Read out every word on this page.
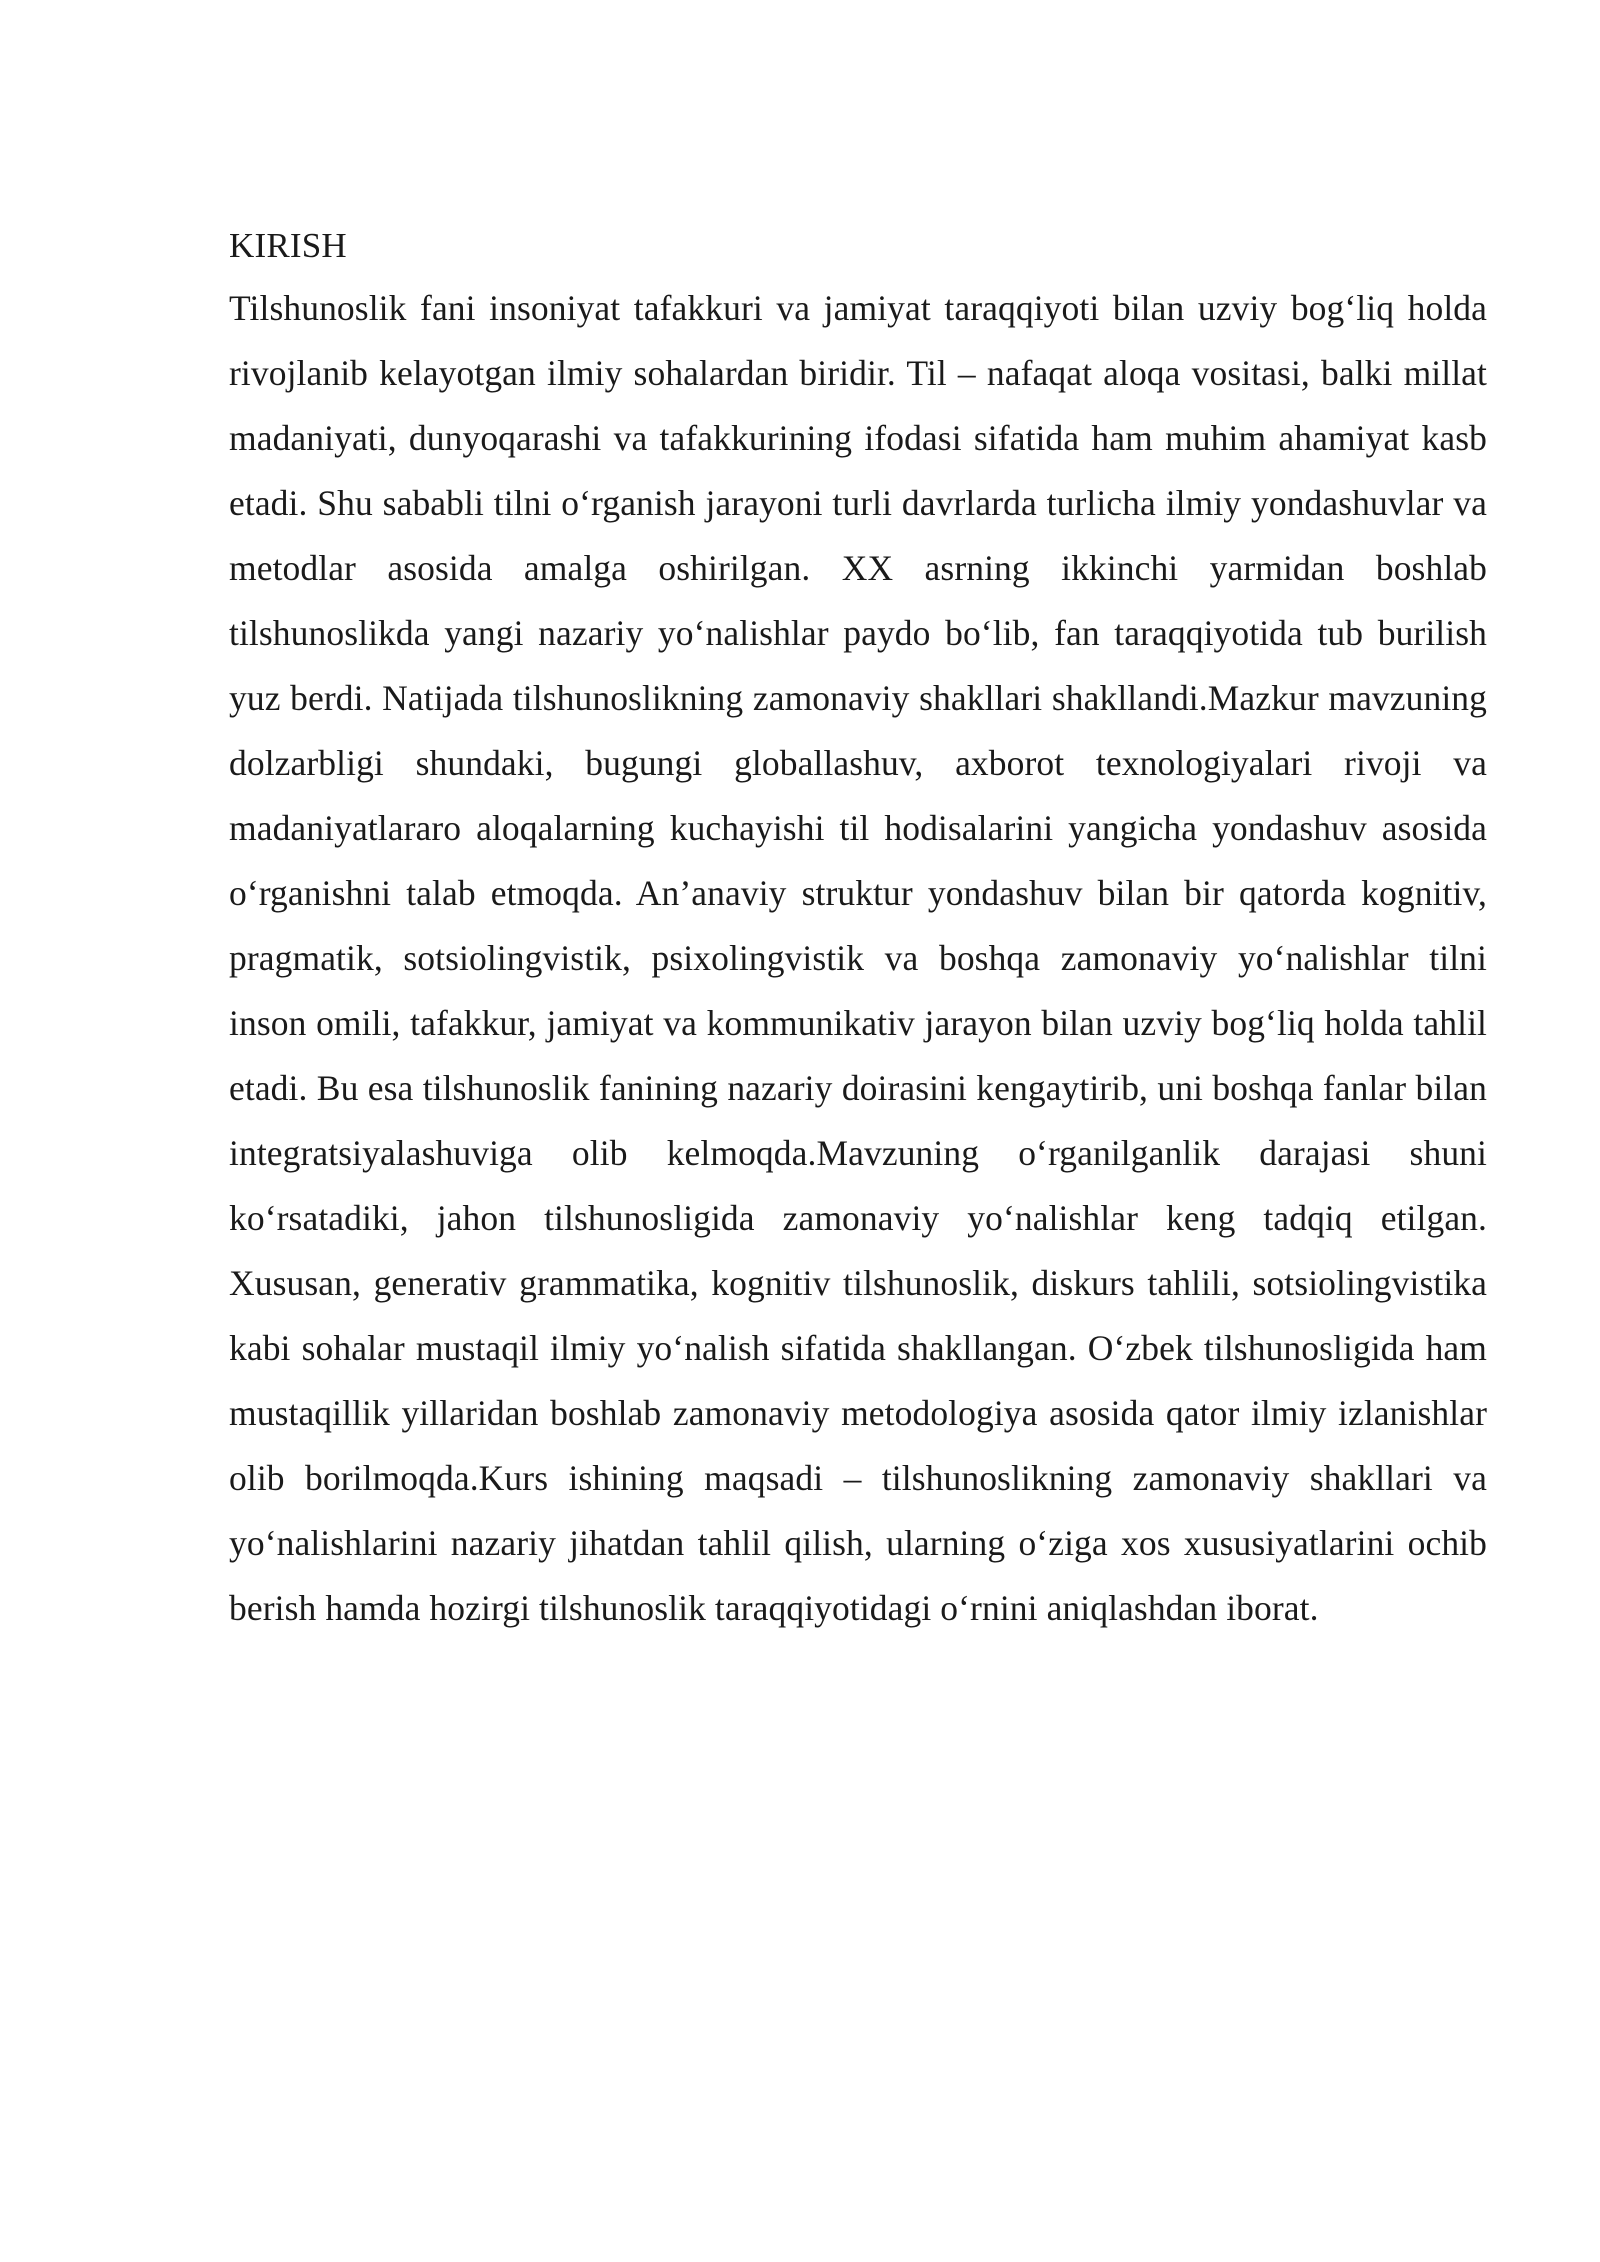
KIRISH

Tilshunoslik fani insoniyat tafakkuri va jamiyat taraqqiyoti bilan uzviy bog‘liq holda rivojlanib kelayotgan ilmiy sohalardan biridir. Til – nafaqat aloqa vositasi, balki millat madaniyati, dunyoqarashi va tafakkurining ifodasi sifatida ham muhim ahamiyat kasb etadi. Shu sababli tilni o‘rganish jarayoni turli davrlarda turlicha ilmiy yondashuvlar va metodlar asosida amalga oshirilgan. XX asrning ikkinchi yarmidan boshlab tilshunoslikda yangi nazariy yo‘nalishlar paydo bo‘lib, fan taraqqiyotida tub burilish yuz berdi. Natijada tilshunoslikning zamonaviy shakllari shakllandi.Mazkur mavzuning dolzarbligi shundaki, bugungi globallashuv, axborot texnologiyalari rivoji va madaniyatlararo aloqalarning kuchayishi til hodisalarini yangicha yondashuv asosida o‘rganishni talab etmoqda. An’anaviy struktur yondashuv bilan bir qatorda kognitiv, pragmatik, sotsiolingvistik, psixolingvistik va boshqa zamonaviy yo‘nalishlar tilni inson omili, tafakkur, jamiyat va kommunikativ jarayon bilan uzviy bog‘liq holda tahlil etadi. Bu esa tilshunoslik fanining nazariy doirasini kengaytirib, uni boshqa fanlar bilan integratsiyalashuviga olib kelmoqda.Mavzuning o‘rganilganlik darajasi shuni ko‘rsatadiki, jahon tilshunosligida zamonaviy yo‘nalishlar keng tadqiq etilgan. Xususan, generativ grammatika, kognitiv tilshunoslik, diskurs tahlili, sotsiolingvistika kabi sohalar mustaqil ilmiy yo‘nalish sifatida shakllangan. O‘zbek tilshunosligida ham mustaqillik yillaridan boshlab zamonaviy metodologiya asosida qator ilmiy izlanishlar olib borilmoqda.Kurs ishining maqsadi – tilshunoslikning zamonaviy shakllari va yo‘nalishlarini nazariy jihatdan tahlil qilish, ularning o‘ziga xos xususiyatlarini ochib berish hamda hozirgi tilshunoslik taraqqiyotidagi o‘rnini aniqlashdan iborat.
